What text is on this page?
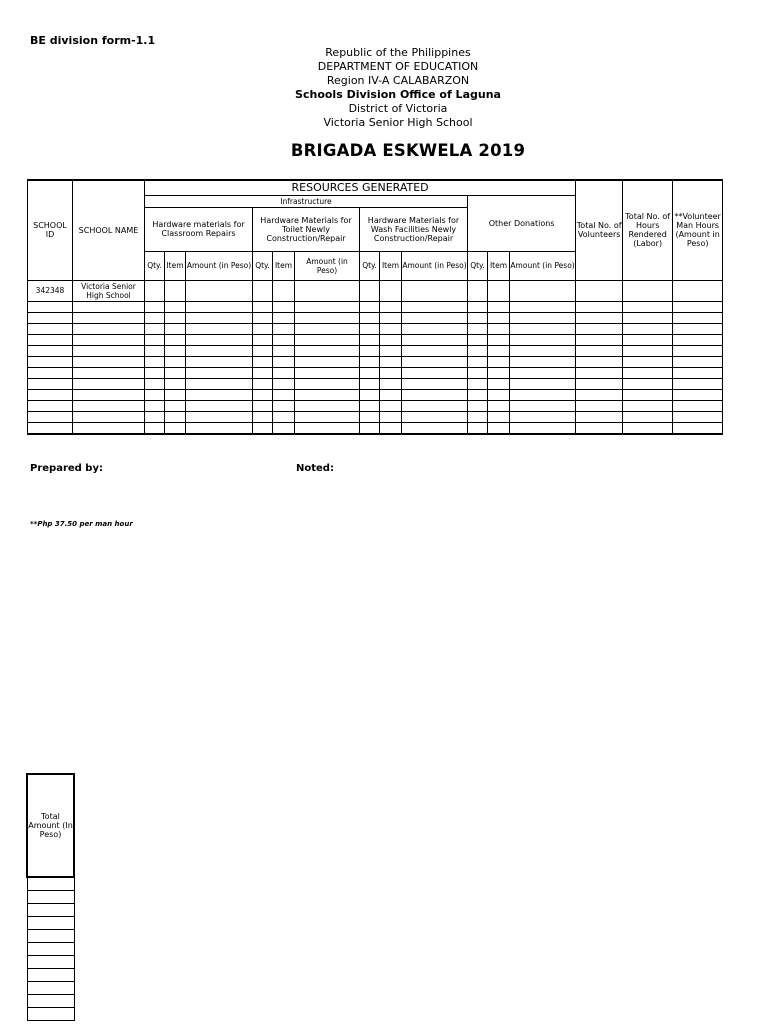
BE division form-1.1
Republic of the Philippines
DEPARTMENT OF EDUCATION
Region IV-A CALABARZON
Schools Division Office of Laguna
District of Victoria
Victoria Senior High School
BRIGADA ESKWELA 2019
SCHOOL ID	SCHOOL NAME	RESOURCES GENERATED												Total No. of Volunteers	Total No. of Hours Rendered (Labor)	**Volunteer Man Hours (Amount in Peso)
		Infrastructure									Other Donations					
		Hardware materials for Classroom Repairs			Hardware Materials for Toilet Newly Construction/Repair			Hardware Materials for Wash Facilities Newly Construction/Repair								
		Qty.	Item	Amount (in Peso)	Qty.	Item	Amount (in Peso)	Qty.	Item	Amount (in Peso)	Qty.	Item	Amount (in Peso)			
342348	Victoria Senior High School															

Prepared by:	Noted:
**Php 37.50 per man hour
Total Amount (In Peso)
